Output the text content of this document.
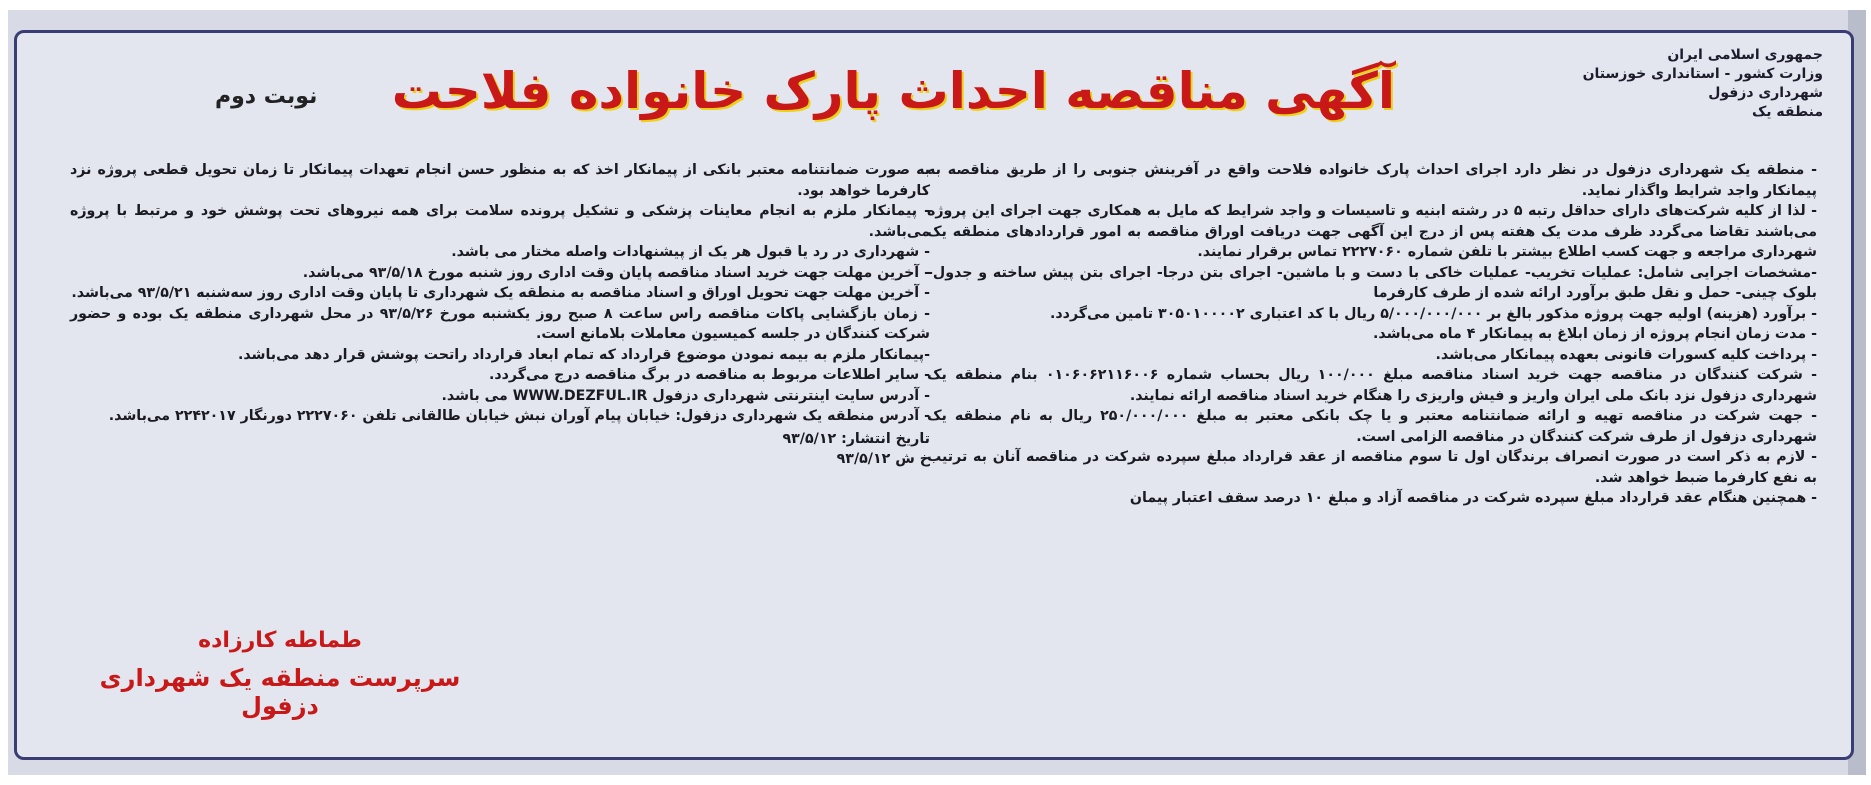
جمهوری اسلامی ایران
وزارت کشور - استانداری خوزستان
شهرداری دزفول
منطقه یک
آگهی مناقصه احداث پارک خانواده فلاحت
نوبت دوم

- منطقه یک شهرداری دزفول در نظر دارد اجرای احداث پارک خانواده فلاحت واقع در آفرینش جنوبی را از طریق مناقصه به پیمانکار واجد شرایط واگذار نماید.

- لذا از کلیه شرکت‌های دارای حداقل رتبه ۵ در رشته ابنیه و تاسیسات و واجد شرایط که مایل به همکاری جهت اجرای این پروژه می‌باشند تقاضا می‌گردد ظرف مدت یک هفته پس از درج این آگهی جهت دریافت اوراق مناقصه به امور قراردادهای منطقه یک شهرداری مراجعه و جهت کسب اطلاع بیشتر با تلفن شماره ۲۲۲۷۰۶۰ تماس برقرار نمایند.

-مشخصات اجرایی شامل: عملیات تخریب- عملیات خاکی با دست و با ماشین- اجرای بتن درجا- اجرای بتن پیش ساخته و جدول- بلوک چینی- حمل و نقل طبق برآورد ارائه شده از طرف کارفرما

- برآورد (هزینه) اولیه جهت پروژه مذکور بالغ بر ۵/۰۰۰/۰۰۰/۰۰۰ ریال با کد اعتباری ۳۰۵۰۱۰۰۰۰۲ تامین می‌گردد.

- مدت زمان انجام پروژه از زمان ابلاغ به پیمانکار ۴ ماه می‌باشد.

- پرداخت کلیه کسورات قانونی بعهده پیمانکار می‌باشد.

- شرکت کنندگان در مناقصه جهت خرید اسناد مناقصه مبلغ ۱۰۰/۰۰۰ ریال بحساب شماره ۰۱۰۶۰۶۲۱۱۶۰۰۶ بنام منطقه یک شهرداری دزفول نزد بانک ملی ایران واریز و فیش واریزی را هنگام خرید اسناد مناقصه ارائه نمایند.

- جهت شرکت در مناقصه تهیه و ارائه ضمانتنامه معتبر و یا چک بانکی معتبر به مبلغ ۲۵۰/۰۰۰/۰۰۰ ریال به نام منطقه یک شهرداری دزفول از طرف شرکت کنندگان در مناقصه الزامی است.

- لازم به ذکر است در صورت انصراف برندگان اول تا سوم مناقصه از عقد قرارداد مبلغ سپرده شرکت در مناقصه آنان به ترتیب به نفع کارفرما ضبط خواهد شد.

- همچنین هنگام عقد قرارداد مبلغ سپرده شرکت در مناقصه آزاد و مبلغ ۱۰ درصد سقف اعتبار پیمان

به صورت ضمانتنامه معتبر بانکی از پیمانکار اخذ که به منظور حسن انجام تعهدات پیمانکار تا زمان تحویل قطعی پروژه نزد کارفرما خواهد بود.

- پیمانکار ملزم به انجام معاینات پزشکی و تشکیل پرونده سلامت برای همه نیروهای تحت پوشش خود و مرتبط با پروژه می‌باشد.

- شهرداری در رد یا قبول هر یک از پیشنهادات واصله مختار می باشد.

- آخرین مهلت جهت خرید اسناد مناقصه پایان وقت اداری روز شنبه مورخ ۹۳/۵/۱۸ می‌باشد.

- آخرین مهلت جهت تحویل اوراق و اسناد مناقصه به منطقه یک شهرداری تا پایان وقت اداری روز سه‌شنبه ۹۳/۵/۲۱ می‌باشد.

- زمان بازگشایی پاکات مناقصه راس ساعت ۸ صبح روز یکشنبه مورخ ۹۳/۵/۲۶ در محل شهرداری منطقه یک بوده و حضور شرکت کنندگان در جلسه کمیسیون معاملات بلامانع است.

-پیمانکار ملزم به بیمه نمودن موضوع قرارداد که تمام ابعاد قرارداد راتحت پوشش قرار دهد می‌باشد.

- سایر اطلاعات مربوط به مناقصه در برگ مناقصه درج می‌گردد.

- آدرس سایت اینترنتی شهرداری دزفول WWW.DEZFUL.IR می باشد.

- آدرس منطقه یک شهرداری دزفول: خیابان پیام آوران نبش خیابان طالقانی تلفن ۲۲۲۷۰۶۰ دورنگار ۲۲۴۲۰۱۷ می‌باشد.

تاریخ انتشار: ۹۳/۵/۱۲
خ ش ۹۳/۵/۱۲
طماطه کارزاده
سرپرست منطقه یک شهرداری دزفول
